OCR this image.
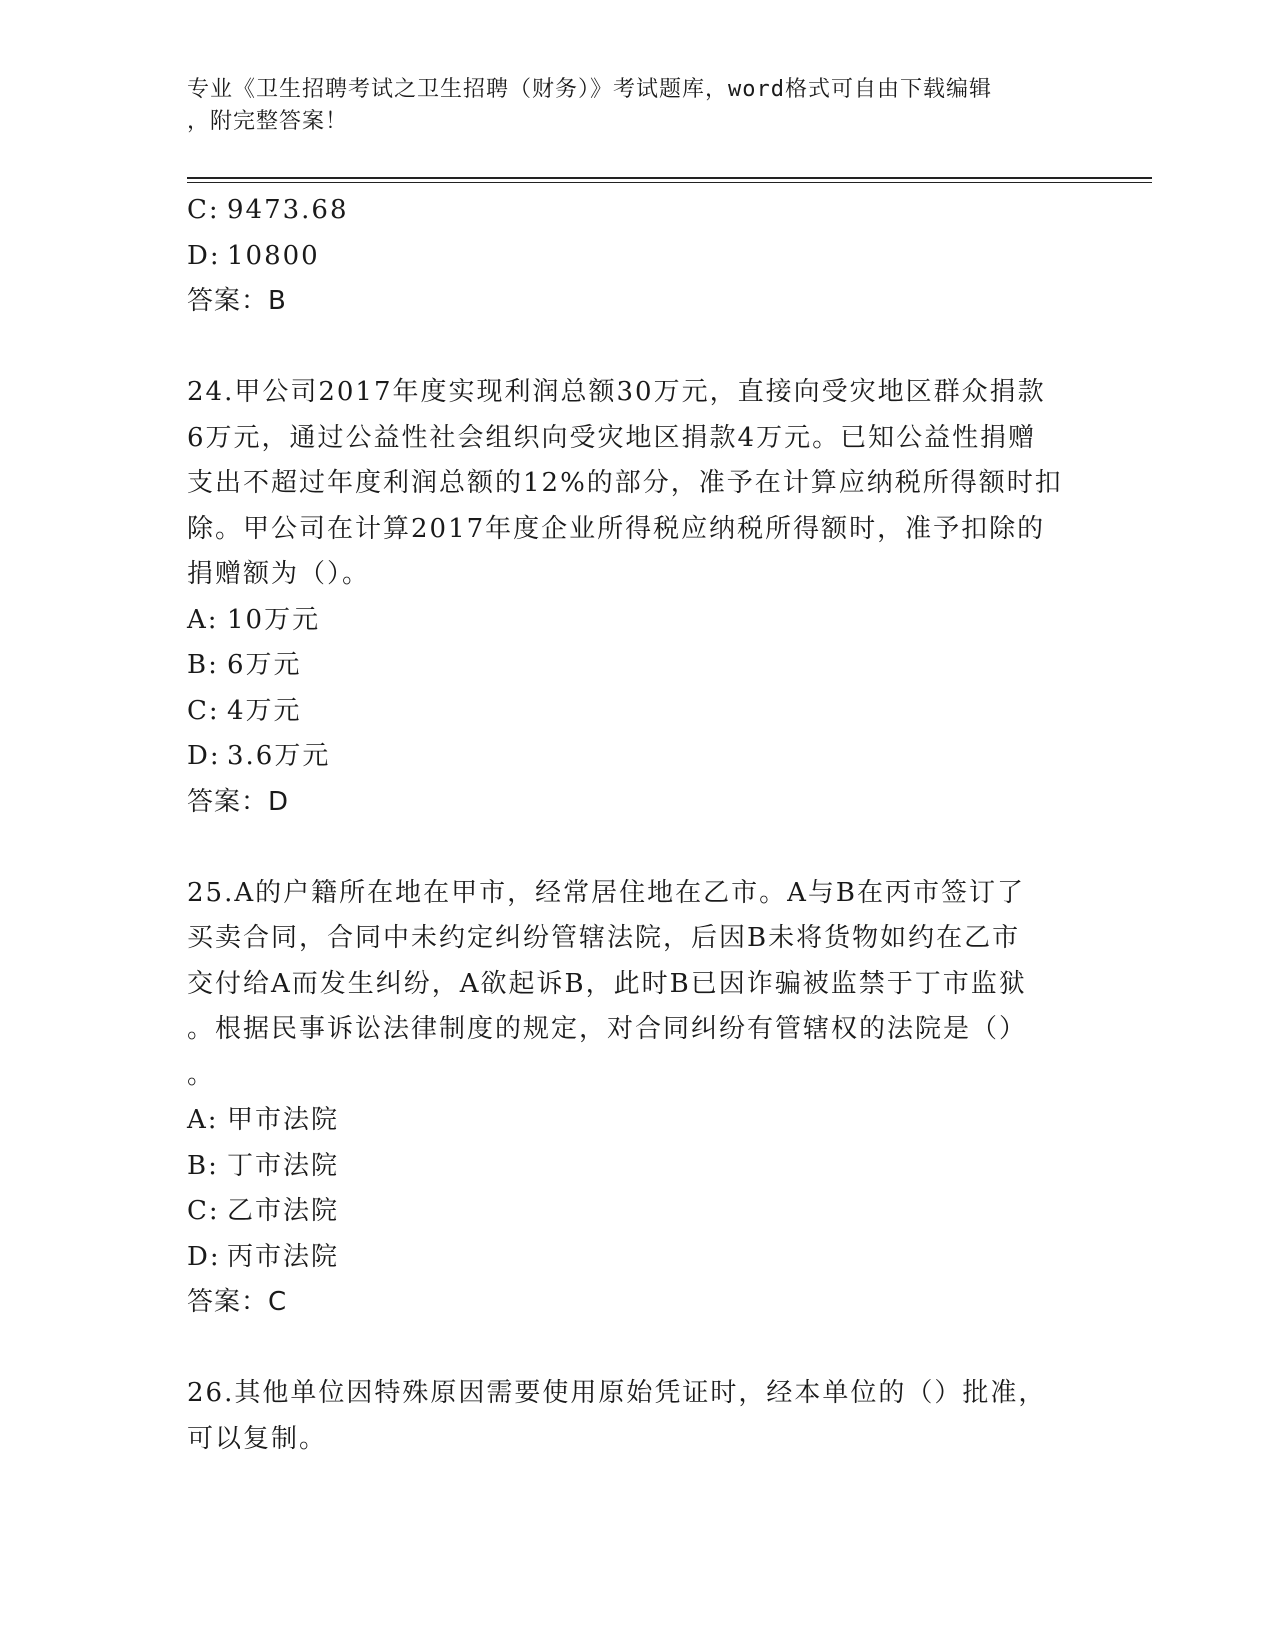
专业《卫生招聘考试之卫生招聘（财务）》考试题库，word格式可自由下载编辑
，附完整答案！
C: 9473.68
D: 10800
答案：B

24.甲公司2017年度实现利润总额30万元，直接向受灾地区群众捐款

6万元，通过公益性社会组织向受灾地区捐款4万元。已知公益性捐赠

支出不超过年度利润总额的12%的部分，准予在计算应纳税所得额时扣

除。甲公司在计算2017年度企业所得税应纳税所得额时，准予扣除的

捐赠额为（）。

A: 10万元
B: 6万元
C: 4万元
D: 3.6万元
答案：D

25.A的户籍所在地在甲市，经常居住地在乙市。A与B在丙市签订了

买卖合同，合同中未约定纠纷管辖法院，后因B未将货物如约在乙市

交付给A而发生纠纷，A欲起诉B，此时B已因诈骗被监禁于丁市监狱

。根据民事诉讼法律制度的规定，对合同纠纷有管辖权的法院是（）

。

A: 甲市法院
B: 丁市法院
C: 乙市法院
D: 丙市法院
答案：C

26.其他单位因特殊原因需要使用原始凭证时，经本单位的（）批准，

可以复制。
